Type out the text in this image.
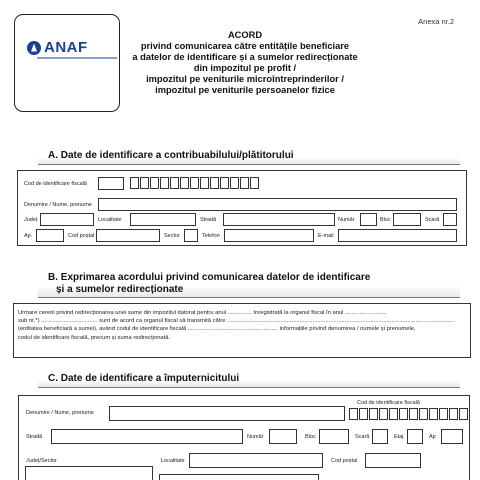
ANAF
Anexa nr.2
ACORD
privind comunicarea către entitățile beneficiare
a datelor de identificare și a sumelor redirecționate
din impozitul pe profit /
impozitul pe veniturile microîntreprinderilor /
impozitul pe veniturile persoanelor fizice
A. Date de identificare a contribuabilului/plătitorului
Cod de identificare fiscală
Denumire / Nume, prenume
Județ	Localitate	Stradă	Număr	Bloc	Scară
Ap.	Cod poștal	Sector	Telefon	E-mail
B. Exprimarea acordului privind comunicarea datelor de identificare
și a sumelor redirecționate
Urmare cererii privind redirecționarea unei sume din impozitul datorat pentru anul ............... înregistrată la organul fiscal în anul ..........................
sub nr.*) ................................... sunt de acord ca organul fiscal să transmită către .............................................................................................................................................
(entitatea beneficiară a sumei), având codul de identificare fiscală ........................................................ informațiile privind denumirea / numele și prenumele,
codul de identificare fiscală, precum și suma redirecționată.
C. Date de identificare a împuternicitului
Cod de identificare fiscală
Denumire / Nume, prenume
Stradă	Număr	Bloc	Scară	Etaj	Ap
Județ/Sector	Localitate	Cod poștal
